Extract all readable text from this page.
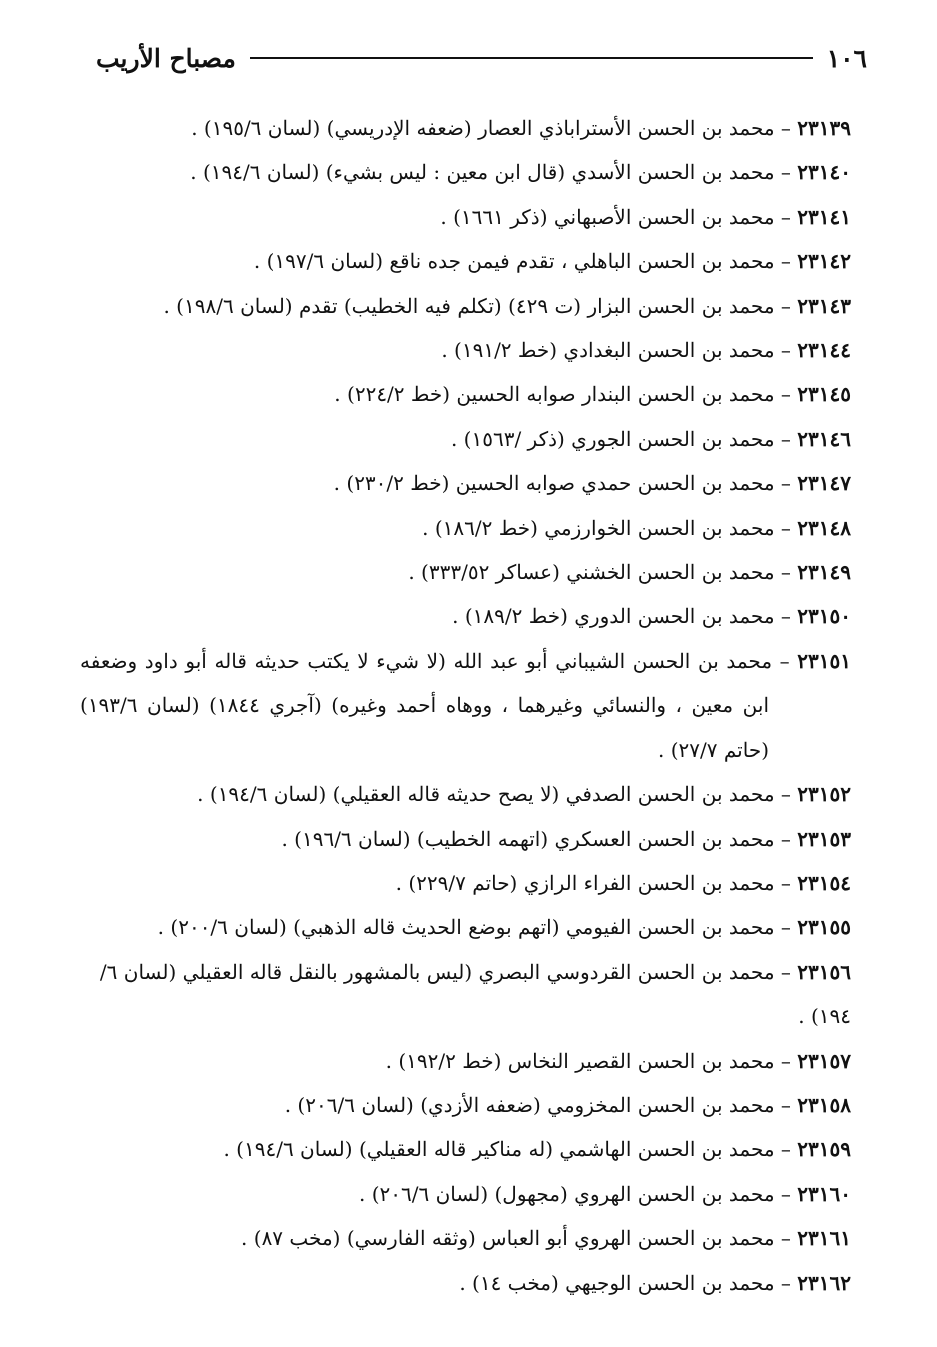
١٠٦
مصباح الأريب
٢٣١٣٩ – محمد بن الحسن الأستراباذي العصار (ضعفه الإدريسي) (لسان ١٩٥/٦) .
٢٣١٤٠ – محمد بن الحسن الأسدي (قال ابن معين : ليس بشيء) (لسان ١٩٤/٦) .
٢٣١٤١ – محمد بن الحسن الأصبهاني (ذكر ١٦٦١) .
٢٣١٤٢ – محمد بن الحسن الباهلي ، تقدم فيمن جده ناقع (لسان ١٩٧/٦) .
٢٣١٤٣ – محمد بن الحسن البزار (ت ٤٢٩) (تكلم فيه الخطيب) تقدم (لسان ١٩٨/٦) .
٢٣١٤٤ – محمد بن الحسن البغدادي (خط ١٩١/٢) .
٢٣١٤٥ – محمد بن الحسن البندار صوابه الحسين (خط ٢٢٤/٢) .
٢٣١٤٦ – محمد بن الحسن الجوري (ذكر /١٥٦٣) .
٢٣١٤٧ – محمد بن الحسن حمدي صوابه الحسين (خط ٢٣٠/٢) .
٢٣١٤٨ – محمد بن الحسن الخوارزمي (خط ١٨٦/٢) .
٢٣١٤٩ – محمد بن الحسن الخشني (عساكر ٣٣٣/٥٢) .
٢٣١٥٠ – محمد بن الحسن الدوري (خط ١٨٩/٢) .
٢٣١٥١ – محمد بن الحسن الشيباني أبو عبد الله (لا شيء لا يكتب حديثه قاله أبو داود وضعفه ابن معين ، والنسائي وغيرهما ، ووهاه أحمد وغيره) (آجري ١٨٤٤) (لسان ١٩٣/٦) (حاتم ٢٧/٧) .
٢٣١٥٢ – محمد بن الحسن الصدفي (لا يصح حديثه قاله العقيلي) (لسان ١٩٤/٦) .
٢٣١٥٣ – محمد بن الحسن العسكري (اتهمه الخطيب) (لسان ١٩٦/٦) .
٢٣١٥٤ – محمد بن الحسن الفراء الرازي (حاتم ٢٢٩/٧) .
٢٣١٥٥ – محمد بن الحسن الفيومي (اتهم بوضع الحديث قاله الذهبي) (لسان ٢٠٠/٦) .
٢٣١٥٦ – محمد بن الحسن القردوسي البصري (ليس بالمشهور بالنقل قاله العقيلي (لسان ٦/ ١٩٤) .
٢٣١٥٧ – محمد بن الحسن القصير النخاس (خط ١٩٢/٢) .
٢٣١٥٨ – محمد بن الحسن المخزومي (ضعفه الأزدي) (لسان ٢٠٦/٦) .
٢٣١٥٩ – محمد بن الحسن الهاشمي (له مناكير قاله العقيلي) (لسان ١٩٤/٦) .
٢٣١٦٠ – محمد بن الحسن الهروي (مجهول) (لسان ٢٠٦/٦) .
٢٣١٦١ – محمد بن الحسن الهروي أبو العباس (وثقه الفارسي) (مخب ٨٧) .
٢٣١٦٢ – محمد بن الحسن الوجيهي (مخب ١٤) .
